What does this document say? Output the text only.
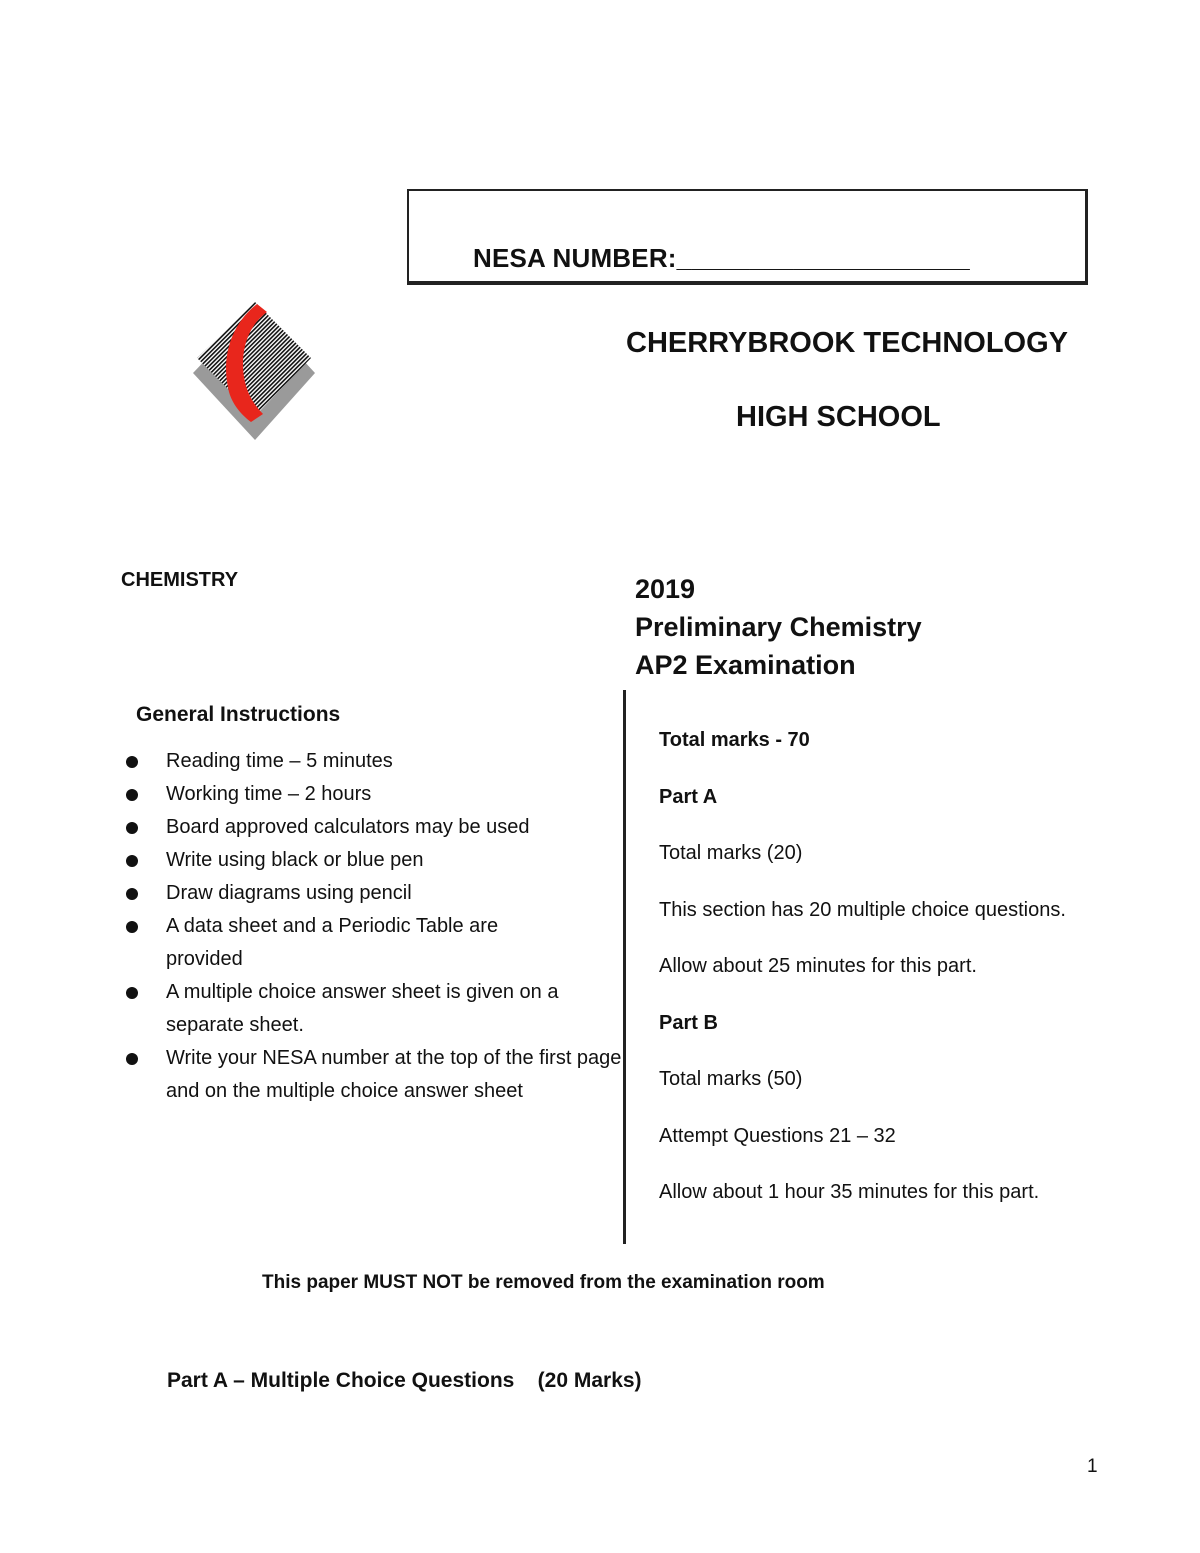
NESA NUMBER:____________________
CHERRYBROOK TECHNOLOGY
HIGH SCHOOL
CHEMISTRY	2019
Preliminary Chemistry
AP2 Examination
General Instructions
Reading time – 5 minutes
Working time – 2 hours
Board approved calculators may be used
Write using black or blue pen
Draw diagrams using pencil
A data sheet and a Periodic Table are provided
A multiple choice answer sheet is given on a separate sheet.
Write your NESA number at the top of the first page and on the multiple choice answer sheet
Total marks - 70
Part A
Total marks (20)
This section has 20 multiple choice questions.
Allow about 25 minutes for this part.
Part B
Total marks (50)
Attempt Questions 21 – 32
Allow about 1 hour 35 minutes for this part.
This paper MUST NOT be removed from the examination room
Part A – Multiple Choice Questions    (20 Marks)
1
